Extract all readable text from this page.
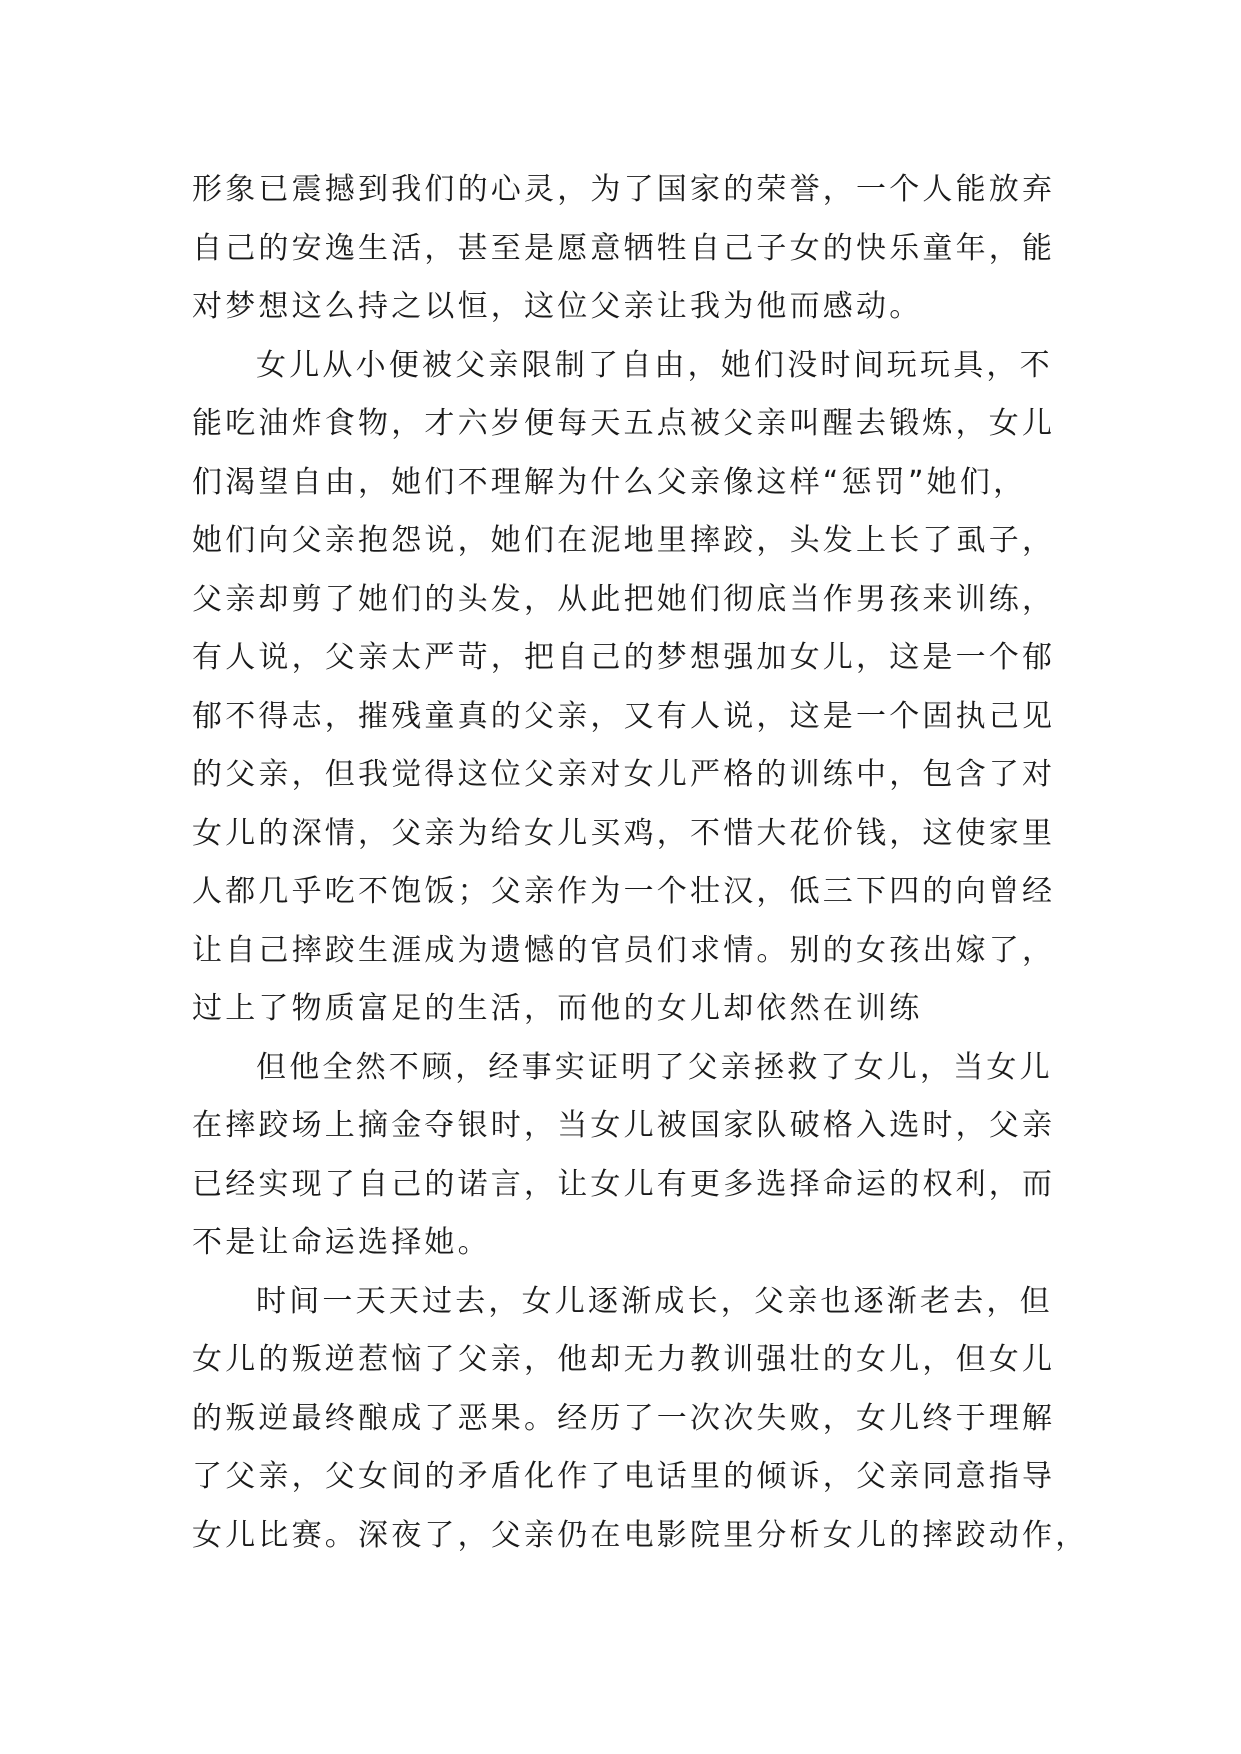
形象已震撼到我们的心灵，为了国家的荣誉，一个人能放弃
自己的安逸生活，甚至是愿意牺牲自己子女的快乐童年，能
对梦想这么持之以恒，这位父亲让我为他而感动。
女儿从小便被父亲限制了自由，她们没时间玩玩具，不
能吃油炸食物，才六岁便每天五点被父亲叫醒去锻炼，女儿
们渴望自由，她们不理解为什么父亲像这样“惩罚”她们，
她们向父亲抱怨说，她们在泥地里摔跤，头发上长了虱子，
父亲却剪了她们的头发，从此把她们彻底当作男孩来训练，
有人说，父亲太严苛，把自己的梦想强加女儿，这是一个郁
郁不得志，摧残童真的父亲，又有人说，这是一个固执己见
的父亲，但我觉得这位父亲对女儿严格的训练中，包含了对
女儿的深情，父亲为给女儿买鸡，不惜大花价钱，这使家里
人都几乎吃不饱饭；父亲作为一个壮汉，低三下四的向曾经
让自己摔跤生涯成为遗憾的官员们求情。别的女孩出嫁了，
过上了物质富足的生活，而他的女儿却依然在训练
但他全然不顾，经事实证明了父亲拯救了女儿，当女儿
在摔跤场上摘金夺银时，当女儿被国家队破格入选时，父亲
已经实现了自己的诺言，让女儿有更多选择命运的权利，而
不是让命运选择她。
时间一天天过去，女儿逐渐成长，父亲也逐渐老去，但
女儿的叛逆惹恼了父亲，他却无力教训强壮的女儿，但女儿
的叛逆最终酿成了恶果。经历了一次次失败，女儿终于理解
了父亲，父女间的矛盾化作了电话里的倾诉，父亲同意指导
女儿比赛。深夜了，父亲仍在电影院里分析女儿的摔跤动作，
